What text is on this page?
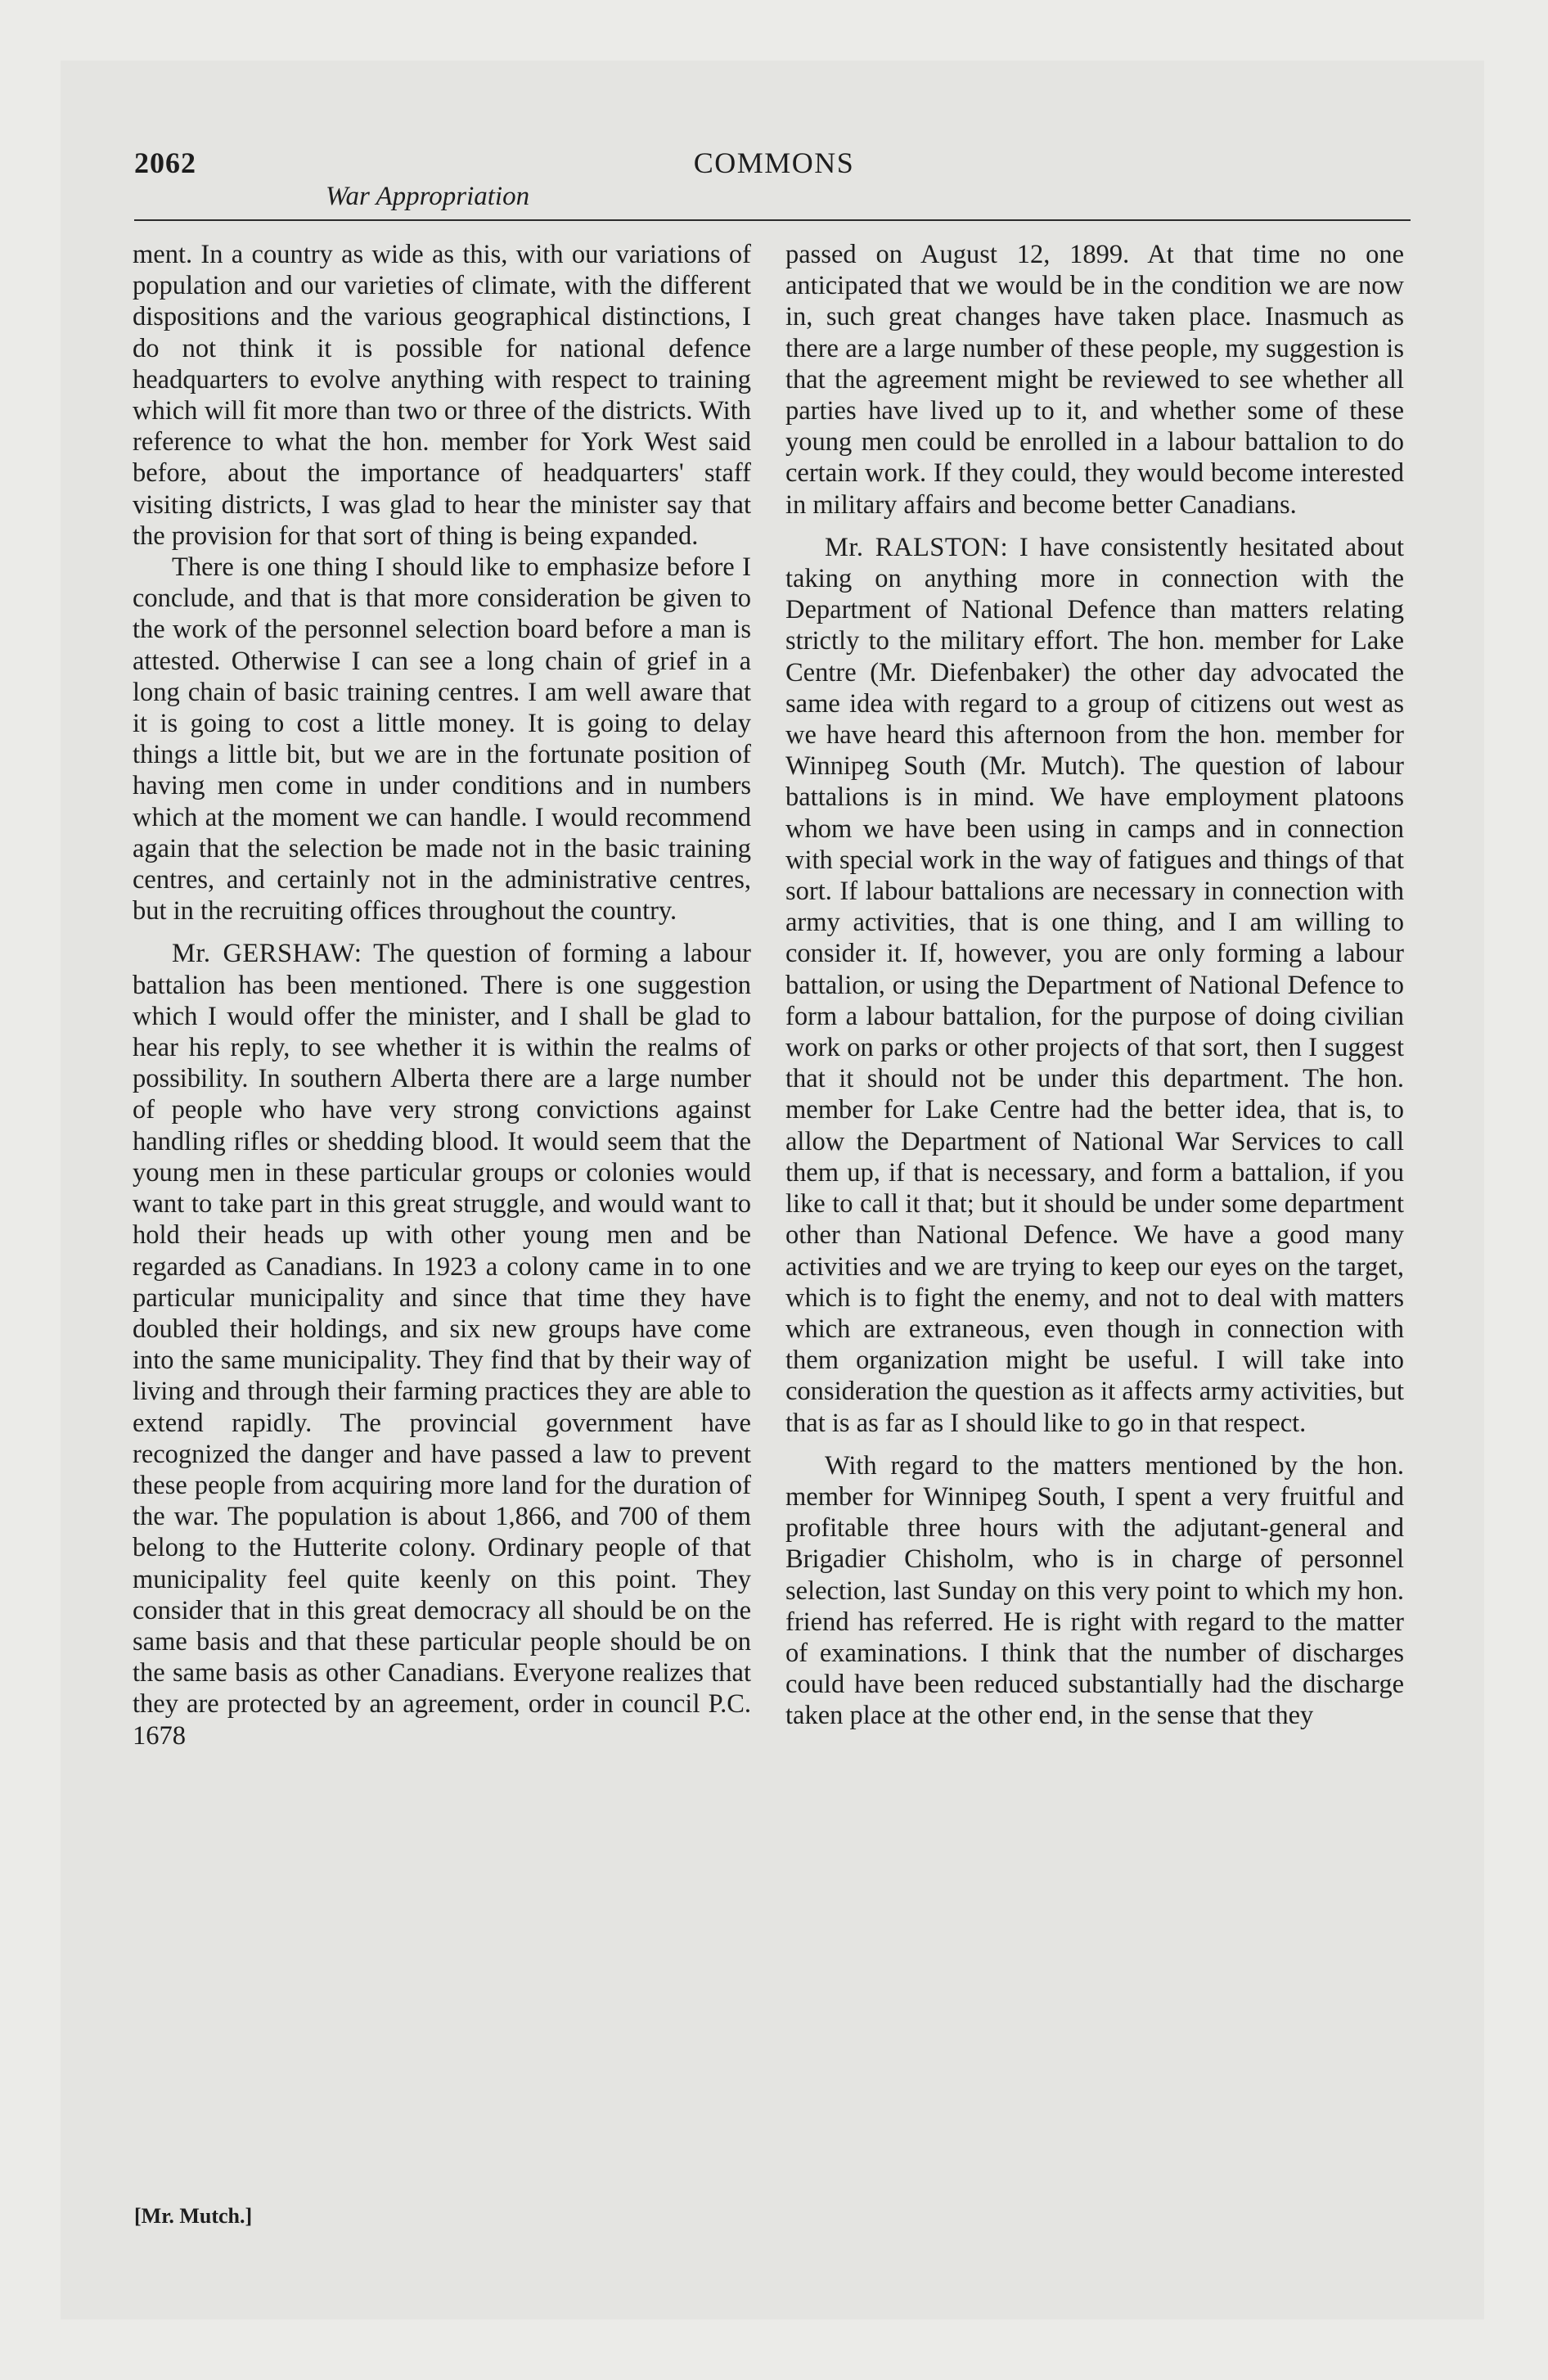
2062	COMMONS
War Appropriation

ment. In a country as wide as this, with our variations of population and our varieties of climate, with the different dispositions and the various geographical distinctions, I do not think it is possible for national defence headquarters to evolve anything with respect to training which will fit more than two or three of the districts. With reference to what the hon. member for York West said before, about the importance of headquarters' staff visiting districts, I was glad to hear the minister say that the provision for that sort of thing is being expanded.

There is one thing I should like to emphasize before I conclude, and that is that more consideration be given to the work of the personnel selection board before a man is attested. Otherwise I can see a long chain of grief in a long chain of basic training centres. I am well aware that it is going to cost a little money. It is going to delay things a little bit, but we are in the fortunate position of having men come in under conditions and in numbers which at the moment we can handle. I would recommend again that the selection be made not in the basic training centres, and certainly not in the administrative centres, but in the recruiting offices throughout the country.

Mr. GERSHAW: The question of forming a labour battalion has been mentioned. There is one suggestion which I would offer the minister, and I shall be glad to hear his reply, to see whether it is within the realms of possibility. In southern Alberta there are a large number of people who have very strong convictions against handling rifles or shedding blood. It would seem that the young men in these particular groups or colonies would want to take part in this great struggle, and would want to hold their heads up with other young men and be regarded as Canadians. In 1923 a colony came in to one particular municipality and since that time they have doubled their holdings, and six new groups have come into the same municipality. They find that by their way of living and through their farming practices they are able to extend rapidly. The provincial government have recognized the danger and have passed a law to prevent these people from acquiring more land for the duration of the war. The population is about 1,866, and 700 of them belong to the Hutterite colony. Ordinary people of that municipality feel quite keenly on this point. They consider that in this great democracy all should be on the same basis and that these particular people should be on the same basis as other Canadians. Everyone realizes that they are protected by an agreement, order in council P.C. 1678

passed on August 12, 1899. At that time no one anticipated that we would be in the condition we are now in, such great changes have taken place. Inasmuch as there are a large number of these people, my suggestion is that the agreement might be reviewed to see whether all parties have lived up to it, and whether some of these young men could be enrolled in a labour battalion to do certain work. If they could, they would become interested in military affairs and become better Canadians.

Mr. RALSTON: I have consistently hesitated about taking on anything more in connection with the Department of National Defence than matters relating strictly to the military effort. The hon. member for Lake Centre (Mr. Diefenbaker) the other day advocated the same idea with regard to a group of citizens out west as we have heard this afternoon from the hon. member for Winnipeg South (Mr. Mutch). The question of labour battalions is in mind. We have employment platoons whom we have been using in camps and in connection with special work in the way of fatigues and things of that sort. If labour battalions are necessary in connection with army activities, that is one thing, and I am willing to consider it. If, however, you are only forming a labour battalion, or using the Department of National Defence to form a labour battalion, for the purpose of doing civilian work on parks or other projects of that sort, then I suggest that it should not be under this department. The hon. member for Lake Centre had the better idea, that is, to allow the Department of National War Services to call them up, if that is necessary, and form a battalion, if you like to call it that; but it should be under some department other than National Defence. We have a good many activities and we are trying to keep our eyes on the target, which is to fight the enemy, and not to deal with matters which are extraneous, even though in connection with them organization might be useful. I will take into consideration the question as it affects army activities, but that is as far as I should like to go in that respect.

With regard to the matters mentioned by the hon. member for Winnipeg South, I spent a very fruitful and profitable three hours with the adjutant-general and Brigadier Chisholm, who is in charge of personnel selection, last Sunday on this very point to which my hon. friend has referred. He is right with regard to the matter of examinations. I think that the number of discharges could have been reduced substantially had the discharge taken place at the other end, in the sense that they

[Mr. Mutch.]
